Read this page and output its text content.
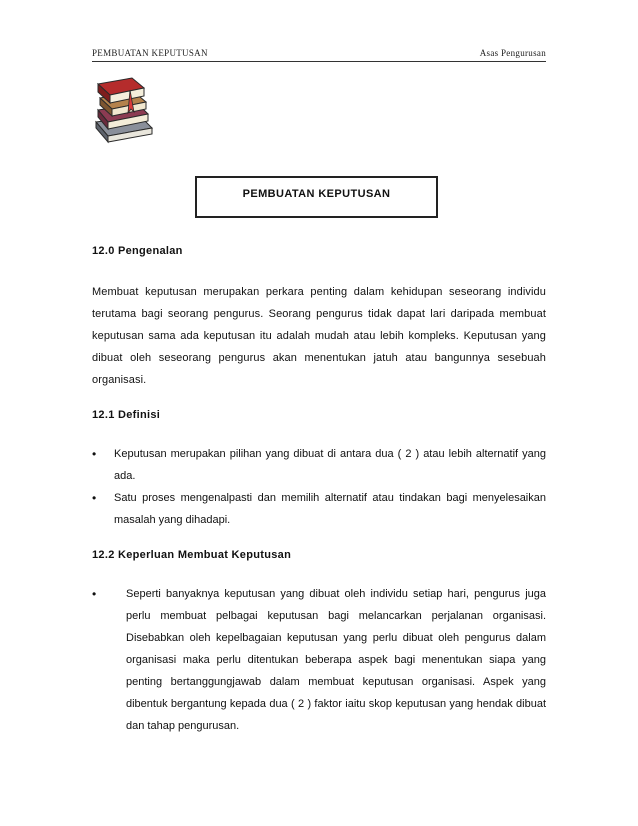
PEMBUATAN KEPUTUSAN	Asas Pengurusan
PEMBUATAN KEPUTUSAN
12.0 Pengenalan

Membuat keputusan merupakan perkara penting dalam kehidupan seseorang individu terutama bagi seorang pengurus. Seorang pengurus tidak dapat lari daripada membuat keputusan sama ada keputusan itu adalah mudah atau lebih kompleks. Keputusan yang dibuat oleh seseorang pengurus akan menentukan jatuh atau bangunnya sesebuah organisasi.

12.1 Definisi
• Keputusan merupakan pilihan yang dibuat di antara dua ( 2 ) atau lebih alternatif yang ada.
• Satu proses mengenalpasti dan memilih alternatif atau tindakan bagi menyelesaikan masalah yang dihadapi.
12.2 Keperluan Membuat Keputusan
•	Seperti banyaknya keputusan yang dibuat oleh individu setiap hari, pengurus juga perlu membuat pelbagai keputusan bagi melancarkan perjalanan organisasi. Disebabkan oleh kepelbagaian keputusan yang perlu dibuat oleh pengurus dalam organisasi maka perlu ditentukan beberapa aspek bagi menentukan siapa yang penting bertanggungjawab dalam membuat keputusan organisasi. Aspek yang dibentuk bergantung kepada dua ( 2 ) faktor iaitu skop keputusan yang hendak dibuat dan tahap pengurusan.
